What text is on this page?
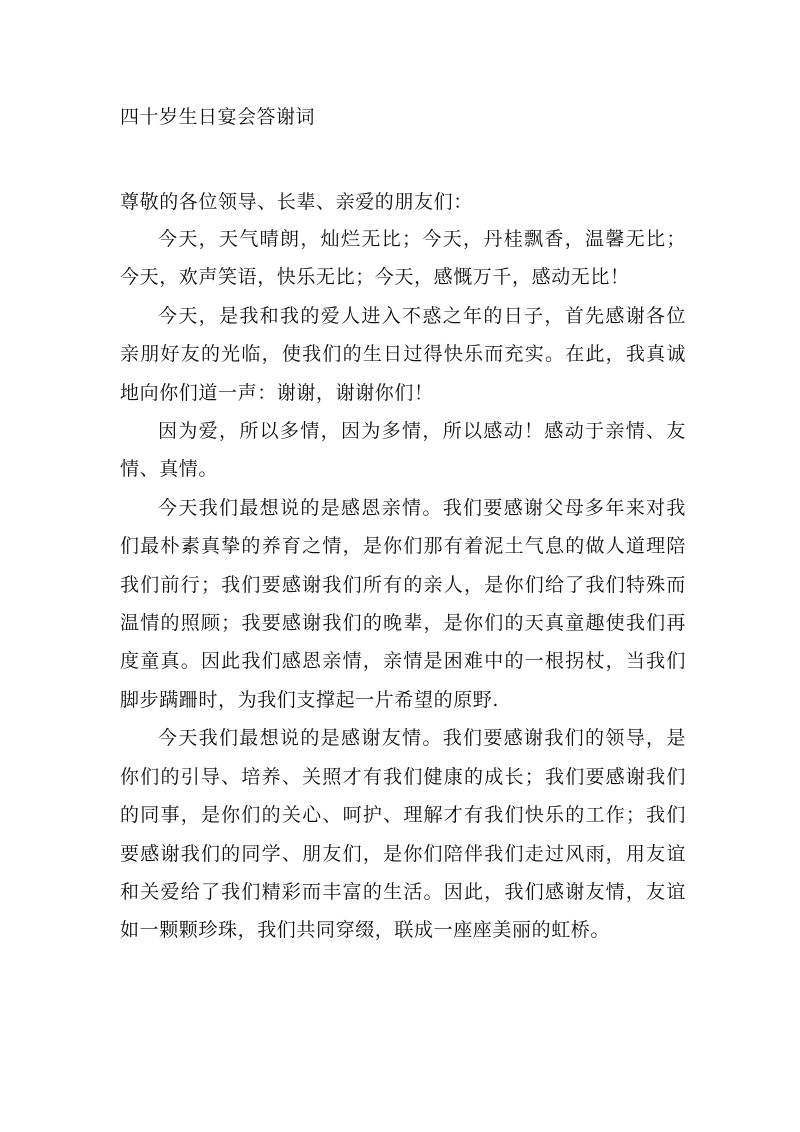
四十岁生日宴会答谢词

尊敬的各位领导、长辈、亲爱的朋友们：

今天，天气晴朗，灿烂无比；今天，丹桂飘香，温馨无比；今天，欢声笑语，快乐无比；今天，感慨万千，感动无比！

今天，是我和我的爱人进入不惑之年的日子，首先感谢各位亲朋好友的光临，使我们的生日过得快乐而充实。在此，我真诚地向你们道一声：谢谢，谢谢你们！

因为爱，所以多情，因为多情，所以感动！感动于亲情、友情、真情。

今天我们最想说的是感恩亲情。我们要感谢父母多年来对我们最朴素真挚的养育之情，是你们那有着泥土气息的做人道理陪我们前行；我们要感谢我们所有的亲人，是你们给了我们特殊而温情的照顾；我要感谢我们的晚辈，是你们的天真童趣使我们再度童真。因此我们感恩亲情，亲情是困难中的一根拐杖，当我们脚步蹒跚时，为我们支撑起一片希望的原野.

今天我们最想说的是感谢友情。我们要感谢我们的领导，是你们的引导、培养、关照才有我们健康的成长；我们要感谢我们的同事，是你们的关心、呵护、理解才有我们快乐的工作；我们要感谢我们的同学、朋友们，是你们陪伴我们走过风雨，用友谊和关爱给了我们精彩而丰富的生活。因此，我们感谢友情，友谊如一颗颗珍珠，我们共同穿缀，联成一座座美丽的虹桥。
